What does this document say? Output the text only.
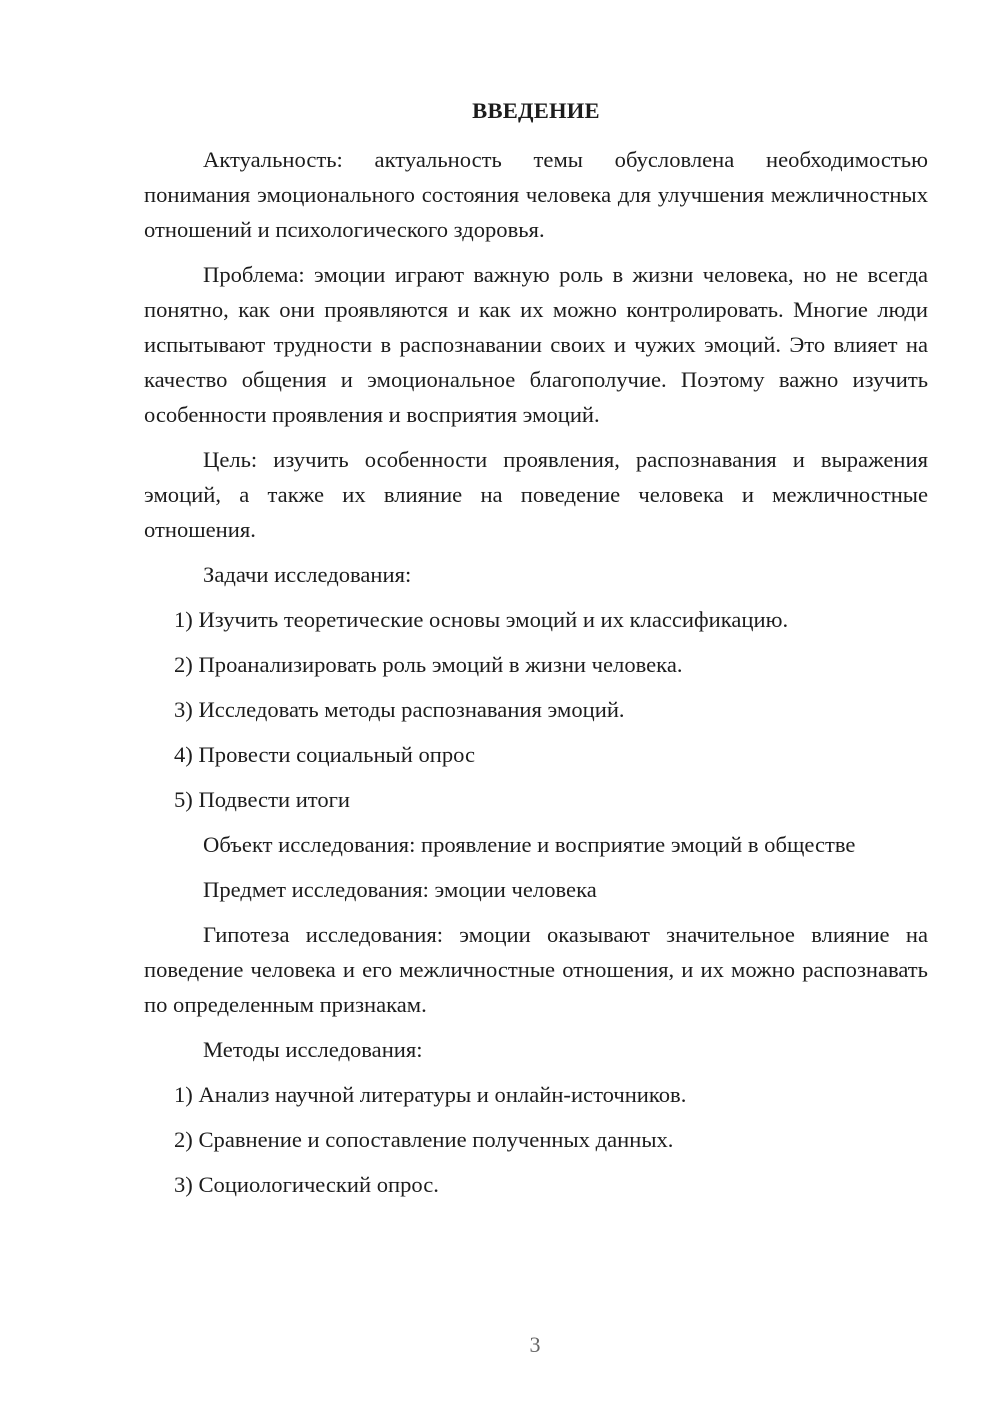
ВВЕДЕНИЕ

Актуальность: актуальность темы обусловлена необходимостью понимания эмоционального состояния человека для улучшения межличностных отношений и психологического здоровья.

Проблема: эмоции играют важную роль в жизни человека, но не всегда понятно, как они проявляются и как их можно контролировать. Многие люди испытывают трудности в распознавании своих и чужих эмоций. Это влияет на качество общения и эмоциональное благополучие. Поэтому важно изучить особенности проявления и восприятия эмоций.

Цель: изучить особенности проявления, распознавания и выражения эмоций, а также их влияние на поведение человека и межличностные отношения.

Задачи исследования:
1) Изучить теоретические основы эмоций и их классификацию.
2) Проанализировать роль эмоций в жизни человека.
3) Исследовать методы распознавания эмоций.
4) Провести социальный опрос
5) Подвести итоги
Объект исследования: проявление и восприятие эмоций в обществе
Предмет исследования: эмоции человека

Гипотеза исследования: эмоции оказывают значительное влияние на поведение человека и его межличностные отношения, и их можно распознавать по определенным признакам.

Методы исследования:
1) Анализ научной литературы и онлайн-источников.
2) Сравнение и сопоставление полученных данных.
3) Социологический опрос.
3
